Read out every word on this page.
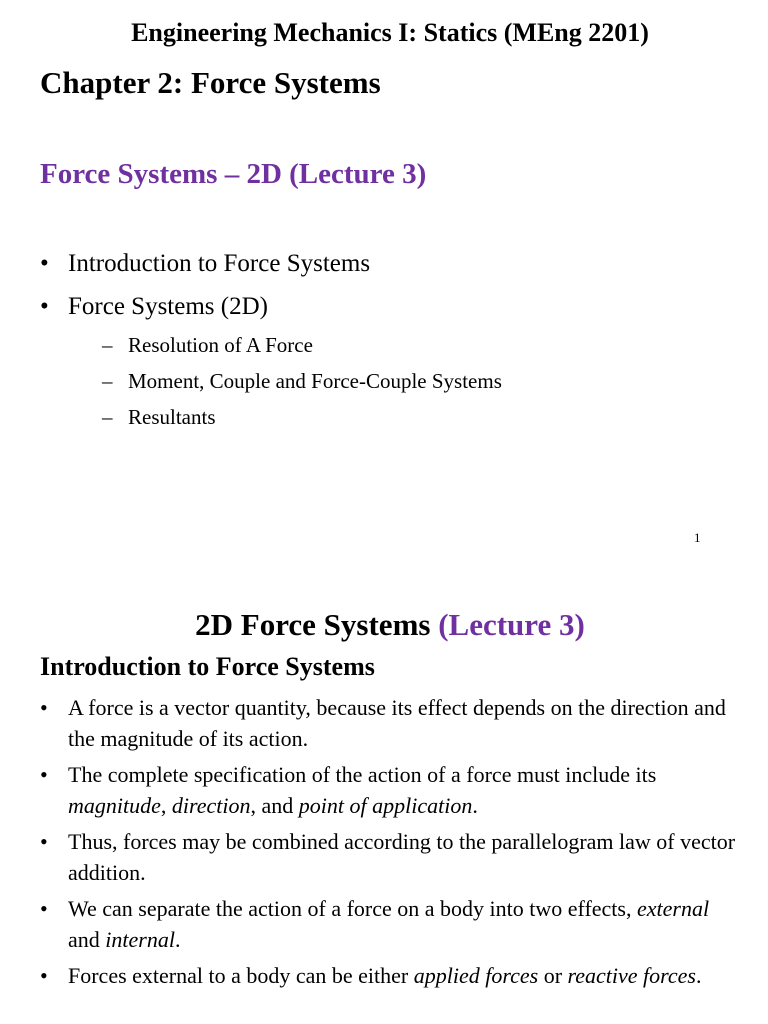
Engineering Mechanics I: Statics (MEng 2201)
Chapter 2: Force Systems
Force Systems – 2D (Lecture 3)
• Introduction to Force Systems
• Force Systems (2D)
– Resolution of A Force
– Moment, Couple and Force-Couple Systems
– Resultants
1
2D Force Systems (Lecture 3)
Introduction to Force Systems
• A force is a vector quantity, because its effect depends on the direction and the magnitude of its action.
• The complete specification of the action of a force must include its magnitude, direction, and point of application.
• Thus, forces may be combined according to the parallelogram law of vector addition.
• We can separate the action of a force on a body into two effects, external and internal.
• Forces external to a body can be either applied forces or reactive forces.
